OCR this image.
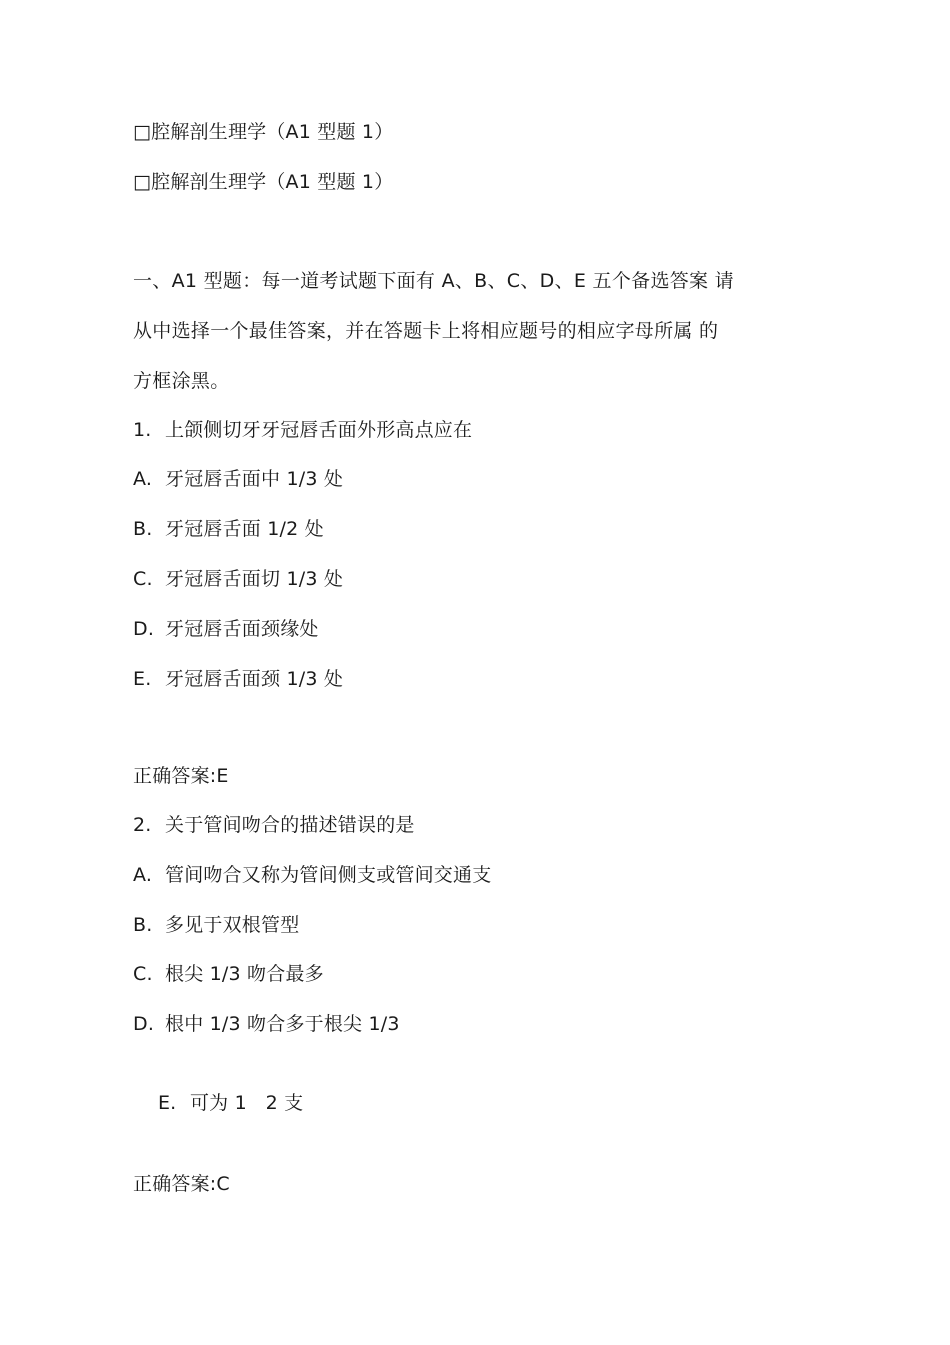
□腔解剖生理学（A1 型题 1）
□腔解剖生理学（A1 型题 1）
一、A1 型题：每一道考试题下面有 A、B、C、D、E 五个备选答案 请
从中选择一个最佳答案，并在答题卡上将相应题号的相应字母所属 的
方框涂黑。
1. 上颌侧切牙牙冠唇舌面外形高点应在
A. 牙冠唇舌面中 1/3 处
B. 牙冠唇舌面 1/2 处
C. 牙冠唇舌面切 1/3 处
D. 牙冠唇舌面颈缘处
E. 牙冠唇舌面颈 1/3 处
正确答案:E
2. 关于管间吻合的描述错误的是
A. 管间吻合又称为管间侧支或管间交通支
B. 多见于双根管型
C. 根尖 1/3 吻合最多
D. 根中 1/3 吻合多于根尖 1/3

E. 可为 1   2 支

正确答案:C
